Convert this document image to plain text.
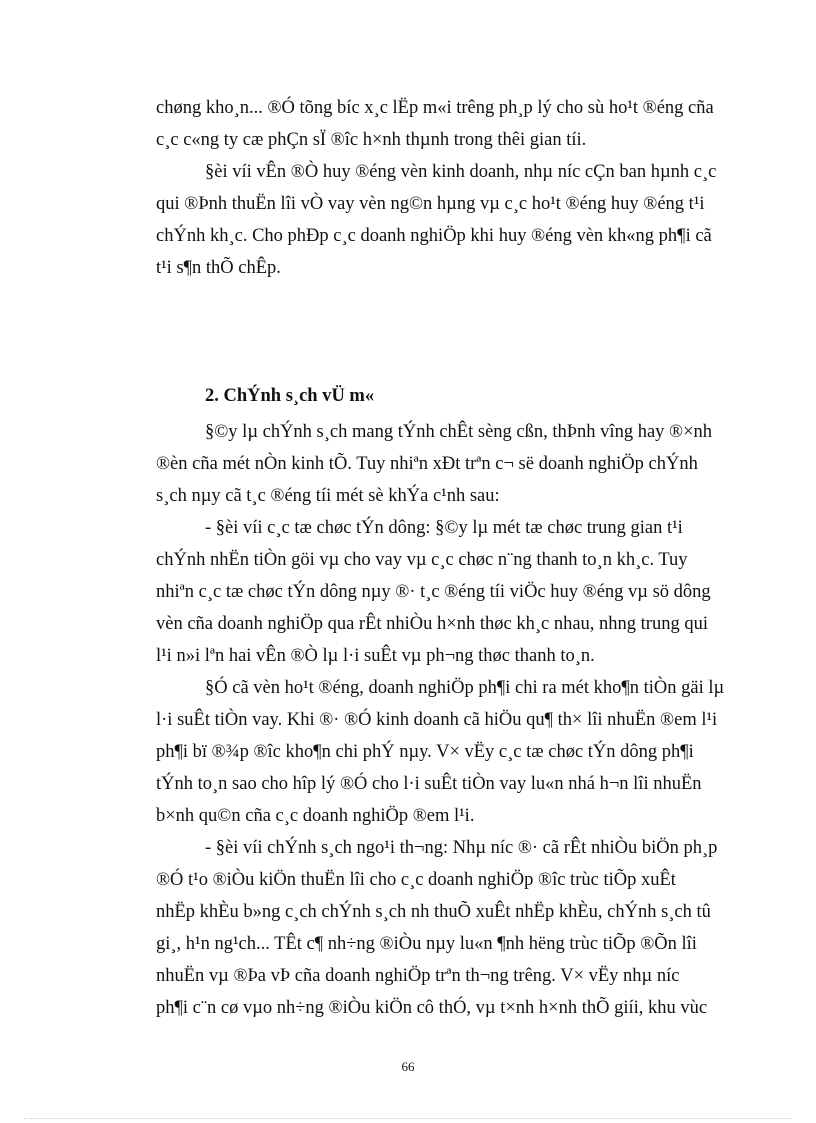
chøng kho¸n... ®Ó tõng bíc x¸c lËp m«i trêng ph¸p lý cho sù ho¹t ®éng cña
c¸c c«ng ty cæ phÇn sÏ ®îc h×nh thµnh trong thêi gian tíi.
§èi víi vÊn ®Ò huy ®éng vèn kinh doanh, nhµ níc cÇn ban hµnh c¸c
qui ®Þnh thuËn lîi vÒ vay vèn ng©n hµng vµ c¸c ho¹t ®éng huy ®éng t¹i
chÝnh kh¸c. Cho phÐp c¸c doanh nghiÖp khi huy ®éng vèn kh«ng ph¶i cã
t¹i s¶n thÕ chÊp.
2. ChÝnh s¸ch vÜ m«
§©y lµ chÝnh s¸ch mang tÝnh chÊt sèng cßn, thÞnh vîng hay ®×nh
®èn cña mét nÒn kinh tÕ. Tuy nhiªn xÐt trªn c¬ së doanh nghiÖp chÝnh
s¸ch nµy cã t¸c ®éng tíi mét sè khÝa c¹nh sau:
- §èi víi c¸c tæ chøc tÝn dông: §©y lµ mét tæ chøc trung gian t¹i
chÝnh nhËn tiÒn göi vµ cho vay vµ c¸c chøc n¨ng thanh to¸n kh¸c. Tuy
nhiªn c¸c tæ chøc tÝn dông nµy ®· t¸c ®éng tíi viÖc huy ®éng vµ sö dông
vèn cña doanh nghiÖp qua rÊt nhiÒu h×nh thøc kh¸c nhau, nhng trung qui
l¹i n»i lªn hai vÊn ®Ò lµ l·i suÊt vµ ph¬ng thøc thanh to¸n.
§Ó cã vèn ho¹t ®éng, doanh nghiÖp ph¶i chi ra mét kho¶n tiÒn gäi lµ
l·i suÊt tiÒn vay. Khi ®· ®Ó kinh doanh cã hiÖu qu¶ th× lîi nhuËn ®em l¹i
ph¶i bï ®¾p ®îc kho¶n chi phÝ nµy. V× vËy c¸c tæ chøc tÝn dông ph¶i
tÝnh to¸n sao cho hîp lý ®Ó cho l·i suÊt tiÒn vay lu«n nhá h¬n lîi nhuËn
b×nh qu©n cña c¸c doanh nghiÖp ®em l¹i.
- §èi víi chÝnh s¸ch ngo¹i th¬ng: Nhµ níc ®· cã rÊt nhiÒu biÖn ph¸p
®Ó t¹o ®iÒu kiÖn thuËn lîi cho c¸c doanh nghiÖp ®îc trùc tiÕp xuÊt
nhËp khÈu b»ng c¸ch chÝnh s¸ch nh thuÕ xuÊt nhËp khÈu, chÝnh s¸ch tû
gi¸, h¹n ng¹ch... TÊt c¶ nh÷ng ®iÒu nµy lu«n ¶nh hëng trùc tiÕp ®Õn lîi
nhuËn vµ ®Þa vÞ cña doanh nghiÖp trªn th¬ng trêng. V× vËy nhµ níc
ph¶i c¨n cø vµo nh÷ng ®iÒu kiÖn cô thÓ, vµ t×nh h×nh thÕ giíi, khu vùc
66
